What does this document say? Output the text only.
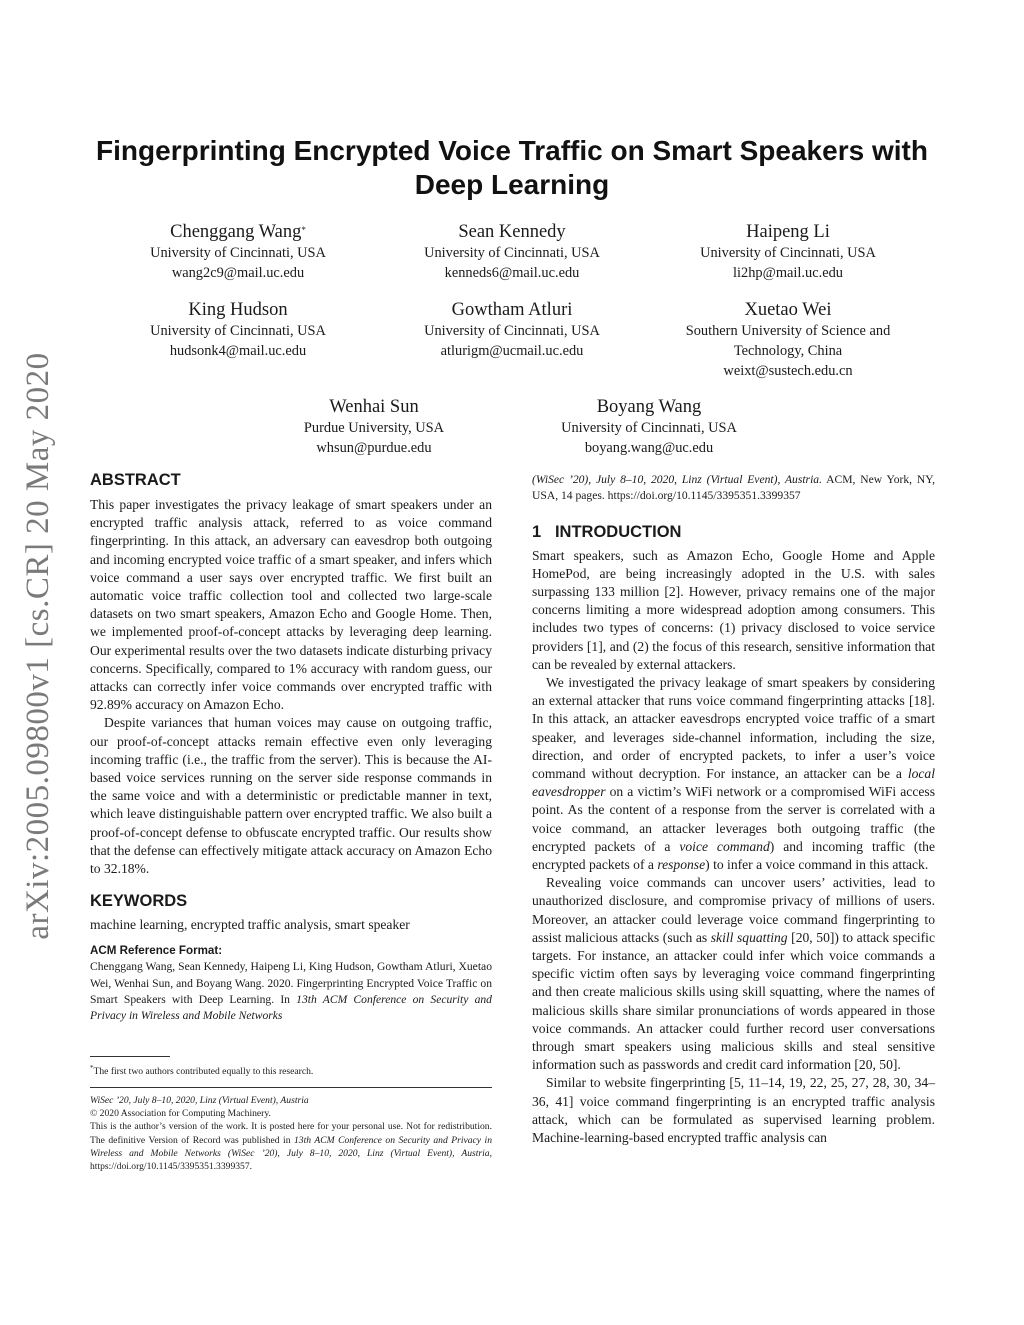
arXiv:2005.09800v1 [cs.CR] 20 May 2020
Fingerprinting Encrypted Voice Traffic on Smart Speakers with Deep Learning
Chenggang Wang*
University of Cincinnati, USA
wang2c9@mail.uc.edu
Sean Kennedy
University of Cincinnati, USA
kenneds6@mail.uc.edu
Haipeng Li
University of Cincinnati, USA
li2hp@mail.uc.edu
King Hudson
University of Cincinnati, USA
hudsonk4@mail.uc.edu
Gowtham Atluri
University of Cincinnati, USA
atlurigm@ucmail.uc.edu
Xuetao Wei
Southern University of Science and Technology, China
weixt@sustech.edu.cn
Wenhai Sun
Purdue University, USA
whsun@purdue.edu
Boyang Wang
University of Cincinnati, USA
boyang.wang@uc.edu
ABSTRACT

This paper investigates the privacy leakage of smart speakers under an encrypted traffic analysis attack, referred to as voice command fingerprinting. In this attack, an adversary can eavesdrop both outgoing and incoming encrypted voice traffic of a smart speaker, and infers which voice command a user says over encrypted traffic. We first built an automatic voice traffic collection tool and collected two large-scale datasets on two smart speakers, Amazon Echo and Google Home. Then, we implemented proof-of-concept attacks by leveraging deep learning. Our experimental results over the two datasets indicate disturbing privacy concerns. Specifically, compared to 1% accuracy with random guess, our attacks can correctly infer voice commands over encrypted traffic with 92.89% accuracy on Amazon Echo.

Despite variances that human voices may cause on outgoing traffic, our proof-of-concept attacks remain effective even only leveraging incoming traffic (i.e., the traffic from the server). This is because the AI-based voice services running on the server side response commands in the same voice and with a deterministic or predictable manner in text, which leave distinguishable pattern over encrypted traffic. We also built a proof-of-concept defense to obfuscate encrypted traffic. Our results show that the defense can effectively mitigate attack accuracy on Amazon Echo to 32.18%.

KEYWORDS

machine learning, encrypted traffic analysis, smart speaker

ACM Reference Format:

Chenggang Wang, Sean Kennedy, Haipeng Li, King Hudson, Gowtham Atluri, Xuetao Wei, Wenhai Sun, and Boyang Wang. 2020. Fingerprinting Encrypted Voice Traffic on Smart Speakers with Deep Learning. In 13th ACM Conference on Security and Privacy in Wireless and Mobile Networks

*The first two authors contributed equally to this research.

WiSec ’20, July 8–10, 2020, Linz (Virtual Event), Austria

© 2020 Association for Computing Machinery.

This is the author’s version of the work. It is posted here for your personal use. Not for redistribution. The definitive Version of Record was published in 13th ACM Conference on Security and Privacy in Wireless and Mobile Networks (WiSec ’20), July 8–10, 2020, Linz (Virtual Event), Austria, https://doi.org/10.1145/3395351.3399357.

(WiSec ’20), July 8–10, 2020, Linz (Virtual Event), Austria. ACM, New York, NY, USA, 14 pages. https://doi.org/10.1145/3395351.3399357

1 INTRODUCTION

Smart speakers, such as Amazon Echo, Google Home and Apple HomePod, are being increasingly adopted in the U.S. with sales surpassing 133 million [2]. However, privacy remains one of the major concerns limiting a more widespread adoption among consumers. This includes two types of concerns: (1) privacy disclosed to voice service providers [1], and (2) the focus of this research, sensitive information that can be revealed by external attackers.

We investigated the privacy leakage of smart speakers by considering an external attacker that runs voice command fingerprinting attacks [18]. In this attack, an attacker eavesdrops encrypted voice traffic of a smart speaker, and leverages side-channel information, including the size, direction, and order of encrypted packets, to infer a user’s voice command without decryption. For instance, an attacker can be a local eavesdropper on a victim’s WiFi network or a compromised WiFi access point. As the content of a response from the server is correlated with a voice command, an attacker leverages both outgoing traffic (the encrypted packets of a voice command) and incoming traffic (the encrypted packets of a response) to infer a voice command in this attack.

Revealing voice commands can uncover users’ activities, lead to unauthorized disclosure, and compromise privacy of millions of users. Moreover, an attacker could leverage voice command fingerprinting to assist malicious attacks (such as skill squatting [20, 50]) to attack specific targets. For instance, an attacker could infer which voice commands a specific victim often says by leveraging voice command fingerprinting and then create malicious skills using skill squatting, where the names of malicious skills share similar pronunciations of words appeared in those voice commands. An attacker could further record user conversations through smart speakers using malicious skills and steal sensitive information such as passwords and credit card information [20, 50].

Similar to website fingerprinting [5, 11–14, 19, 22, 25, 27, 28, 30, 34–36, 41] voice command fingerprinting is an encrypted traffic analysis attack, which can be formulated as supervised learning problem. Machine-learning-based encrypted traffic analysis can
